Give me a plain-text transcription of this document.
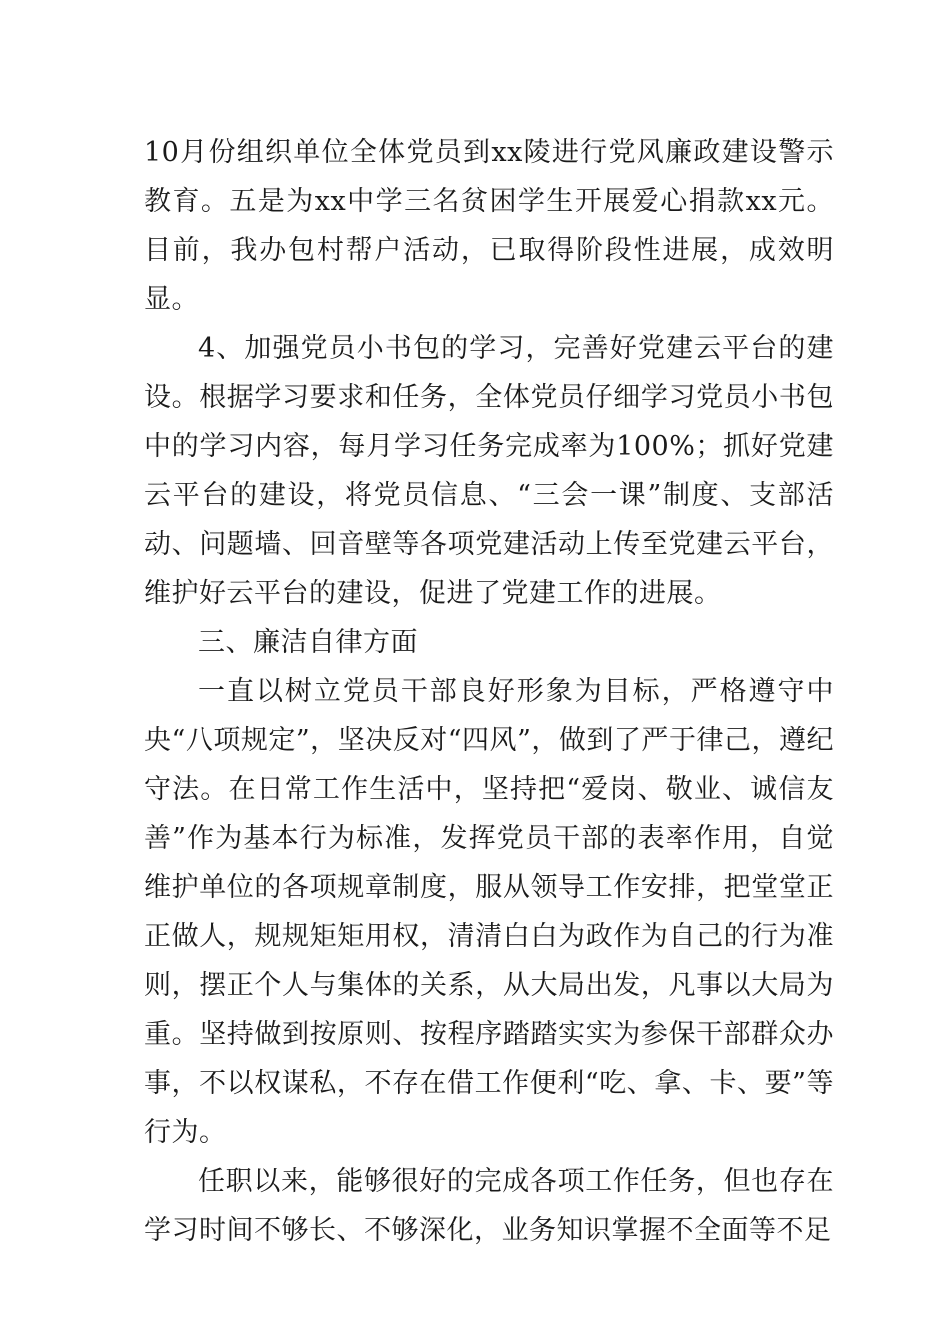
10月份组织单位全体党员到xx陵进行党风廉政建设警示教育。五是为xx中学三名贫困学生开展爱心捐款xx元。目前，我办包村帮户活动，已取得阶段性进展，成效明显。

4、加强党员小书包的学习，完善好党建云平台的建设。根据学习要求和任务，全体党员仔细学习党员小书包中的学习内容，每月学习任务完成率为100%；抓好党建云平台的建设，将党员信息、“三会一课”制度、支部活动、问题墙、回音壁等各项党建活动上传至党建云平台，维护好云平台的建设，促进了党建工作的进展。

三、廉洁自律方面

一直以树立党员干部良好形象为目标，严格遵守中央“八项规定”，坚决反对“四风”，做到了严于律己，遵纪守法。在日常工作生活中，坚持把“爱岗、敬业、诚信友善”作为基本行为标准，发挥党员干部的表率作用，自觉维护单位的各项规章制度，服从领导工作安排，把堂堂正正做人，规规矩矩用权，清清白白为政作为自己的行为准则，摆正个人与集体的关系，从大局出发，凡事以大局为重。坚持做到按原则、按程序踏踏实实为参保干部群众办事，不以权谋私，不存在借工作便利“吃、拿、卡、要”等行为。

任职以来，能够很好的完成各项工作任务，但也存在学习时间不够长、不够深化，业务知识掌握不全面等不足
